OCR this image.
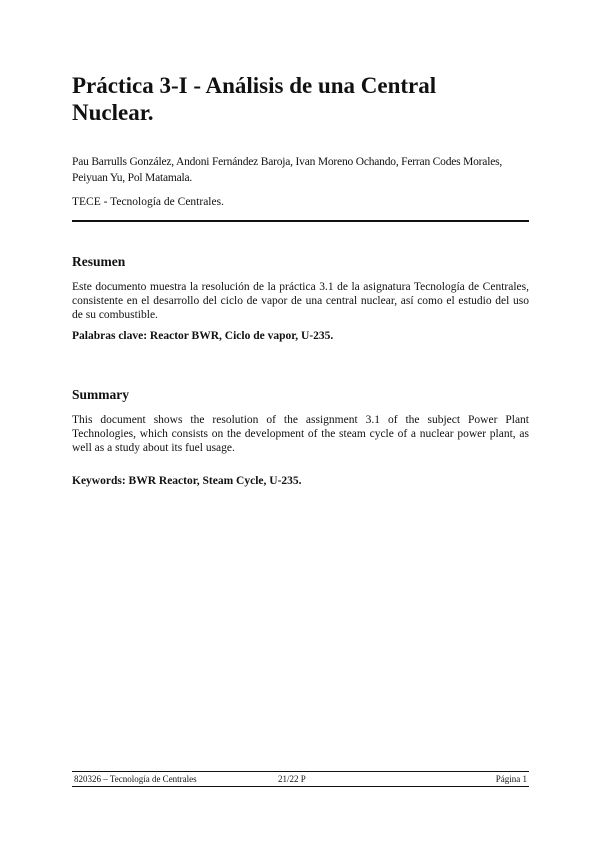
Práctica 3-I - Análisis de una Central Nuclear.

Pau Barrulls González, Andoni Fernández Baroja, Ivan Moreno Ochando, Ferran Codes Morales, Peiyuan Yu, Pol Matamala.

TECE - Tecnología de Centrales.

Resumen

Este documento muestra la resolución de la práctica 3.1 de la asignatura Tecnología de Centrales, consistente en el desarrollo del ciclo de vapor de una central nuclear, así como el estudio del uso de su combustible.

Palabras clave: Reactor BWR, Ciclo de vapor, U-235.

Summary

This document shows the resolution of the assignment 3.1 of the subject Power Plant Technologies, which consists on the development of the steam cycle of a nuclear power plant, as well as a study about its fuel usage.

Keywords: BWR Reactor, Steam Cycle, U-235.

820326 – Tecnología de Centrales	21/22 P	Página 1
